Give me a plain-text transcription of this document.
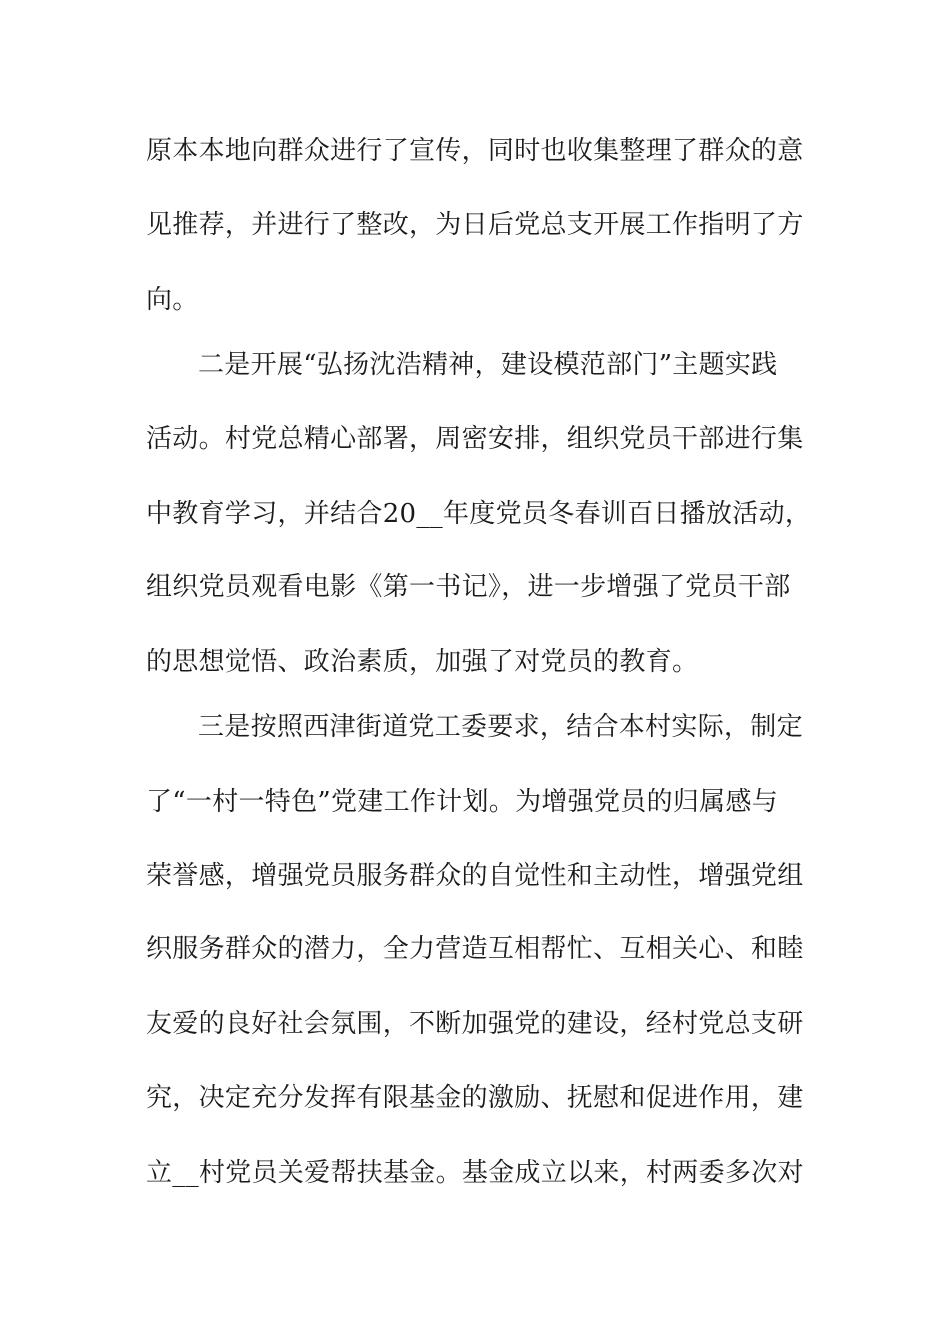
原本本地向群众进行了宣传，同时也收集整理了群众的意
见推荐，并进行了整改，为日后党总支开展工作指明了方
向。
二是开展“弘扬沈浩精神，建设模范部门”主题实践
活动。村党总精心部署，周密安排，组织党员干部进行集
中教育学习，并结合20__年度党员冬春训百日播放活动，
组织党员观看电影《第一书记》，进一步增强了党员干部
的思想觉悟、政治素质，加强了对党员的教育。
三是按照西津街道党工委要求，结合本村实际，制定
了“一村一特色”党建工作计划。为增强党员的归属感与
荣誉感，增强党员服务群众的自觉性和主动性，增强党组
织服务群众的潜力，全力营造互相帮忙、互相关心、和睦
友爱的良好社会氛围，不断加强党的建设，经村党总支研
究，决定充分发挥有限基金的激励、抚慰和促进作用，建
立__村党员关爱帮扶基金。基金成立以来，村两委多次对
